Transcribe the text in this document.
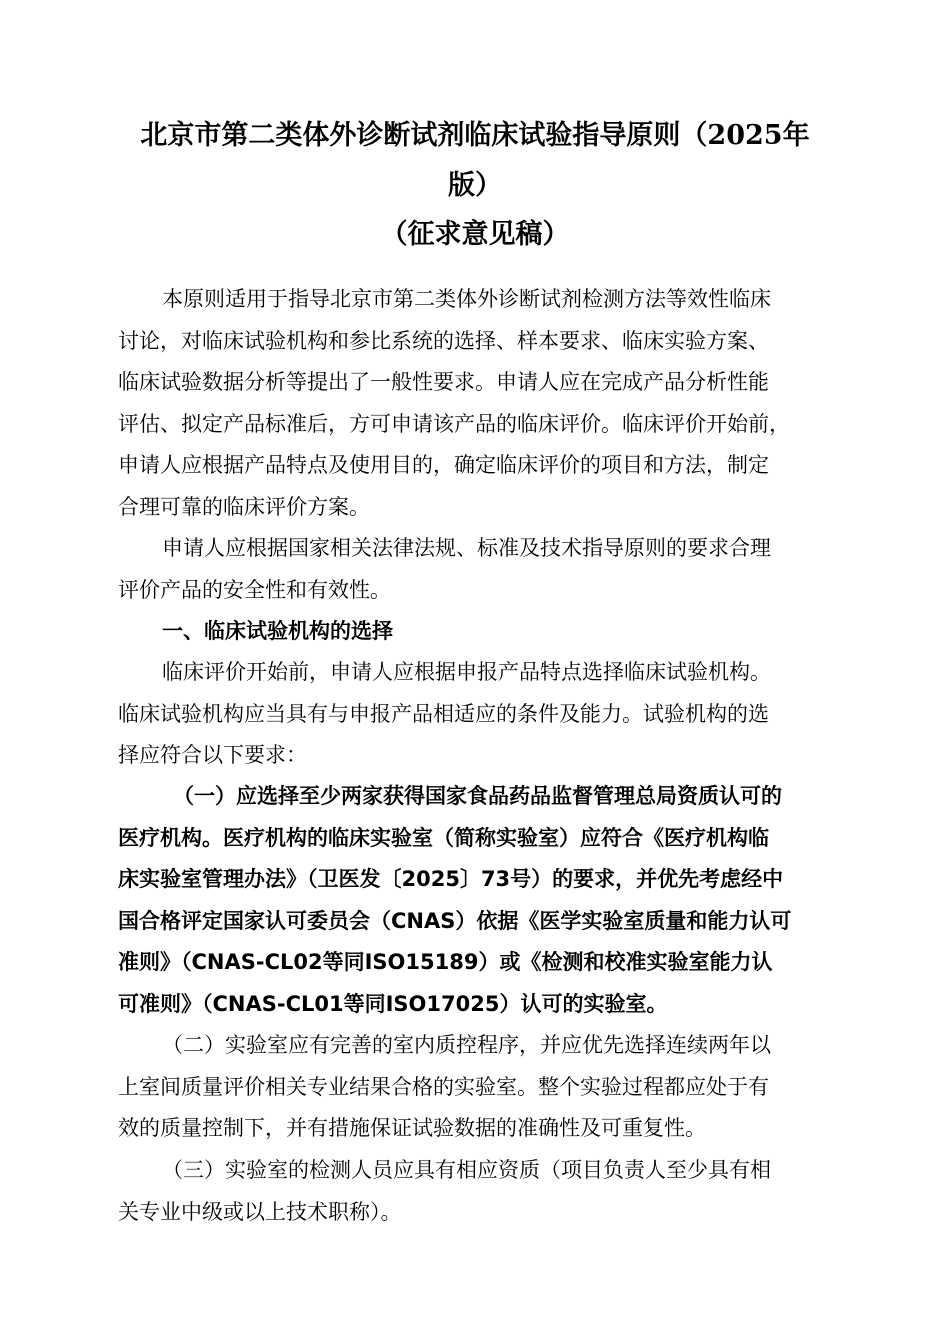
北京市第二类体外诊断试剂临床试验指导原则（2025年
版）
（征求意见稿）
本原则适用于指导北京市第二类体外诊断试剂检测方法等效性临床
讨论，对临床试验机构和参比系统的选择、样本要求、临床实验方案、
临床试验数据分析等提出了一般性要求。申请人应在完成产品分析性能
评估、拟定产品标准后，方可申请该产品的临床评价。临床评价开始前，
申请人应根据产品特点及使用目的，确定临床评价的项目和方法，制定
合理可靠的临床评价方案。
申请人应根据国家相关法律法规、标准及技术指导原则的要求合理
评价产品的安全性和有效性。
一、临床试验机构的选择
临床评价开始前，申请人应根据申报产品特点选择临床试验机构。
临床试验机构应当具有与申报产品相适应的条件及能力。试验机构的选
择应符合以下要求：
（一）应选择至少两家获得国家食品药品监督管理总局资质认可的
医疗机构。医疗机构的临床实验室（简称实验室）应符合《医疗机构临
床实验室管理办法》（卫医发〔2025〕73号）的要求，并优先考虑经中
国合格评定国家认可委员会（CNAS）依据《医学实验室质量和能力认可
准则》（CNAS-CL02等同ISO15189）或《检测和校准实验室能力认
可准则》（CNAS-CL01等同ISO17025）认可的实验室。
（二）实验室应有完善的室内质控程序，并应优先选择连续两年以
上室间质量评价相关专业结果合格的实验室。整个实验过程都应处于有
效的质量控制下，并有措施保证试验数据的准确性及可重复性。
（三）实验室的检测人员应具有相应资质（项目负责人至少具有相
关专业中级或以上技术职称）。
